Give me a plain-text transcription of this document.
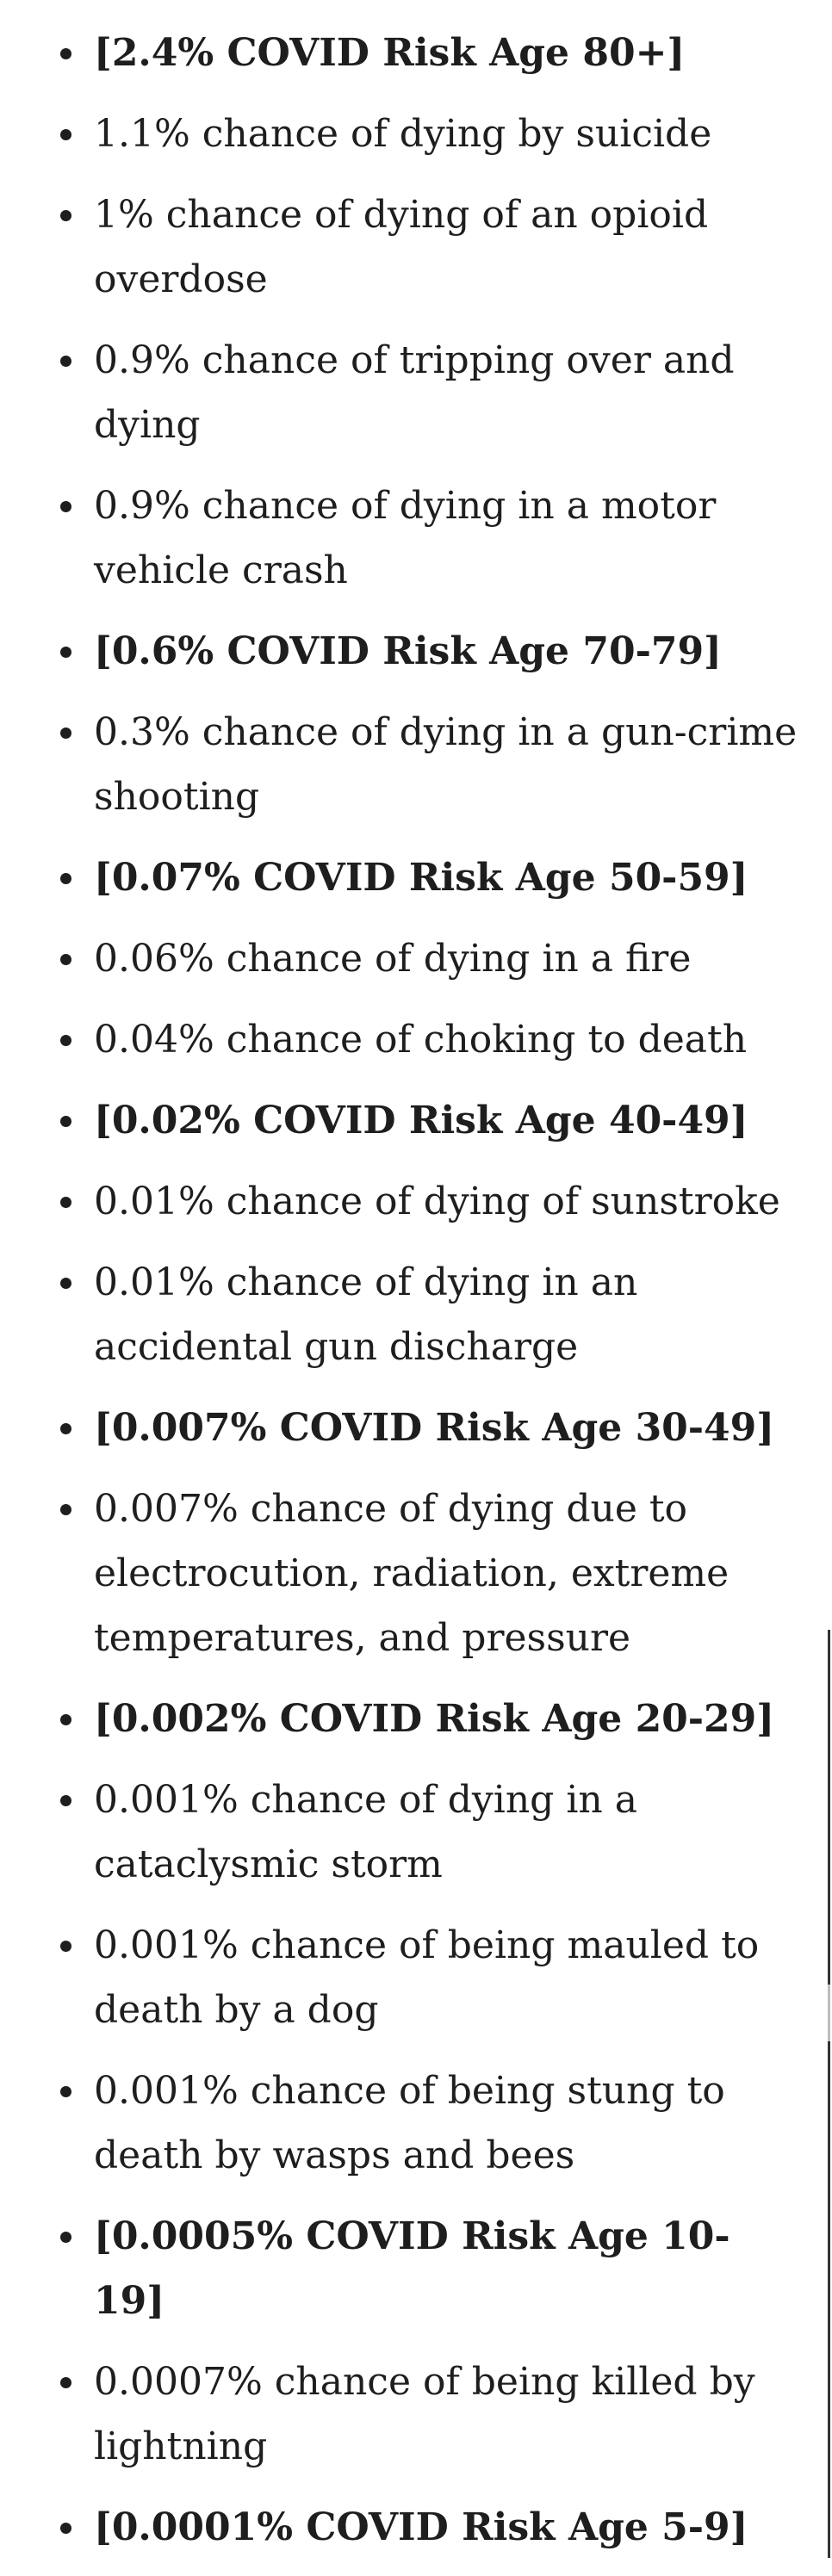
[2.4% COVID Risk Age 80+]
1.1% chance of dying by suicide
1% chance of dying of an opioid overdose
0.9% chance of tripping over and dying
0.9% chance of dying in a motor vehicle crash
[0.6% COVID Risk Age 70-79]
0.3% chance of dying in a gun-crime shooting
[0.07% COVID Risk Age 50-59]
0.06% chance of dying in a fire
0.04% chance of choking to death
[0.02% COVID Risk Age 40-49]
0.01% chance of dying of sunstroke
0.01% chance of dying in an accidental gun discharge
[0.007% COVID Risk Age 30-49]
0.007% chance of dying due to electrocution, radiation, extreme temperatures, and pressure
[0.002% COVID Risk Age 20-29]
0.001% chance of dying in a cataclysmic storm
0.001% chance of being mauled to death by a dog
0.001% chance of being stung to death by wasps and bees
[0.0005% COVID Risk Age 10-19]
0.0007% chance of being killed by lightning
[0.0001% COVID Risk Age 5-9]
